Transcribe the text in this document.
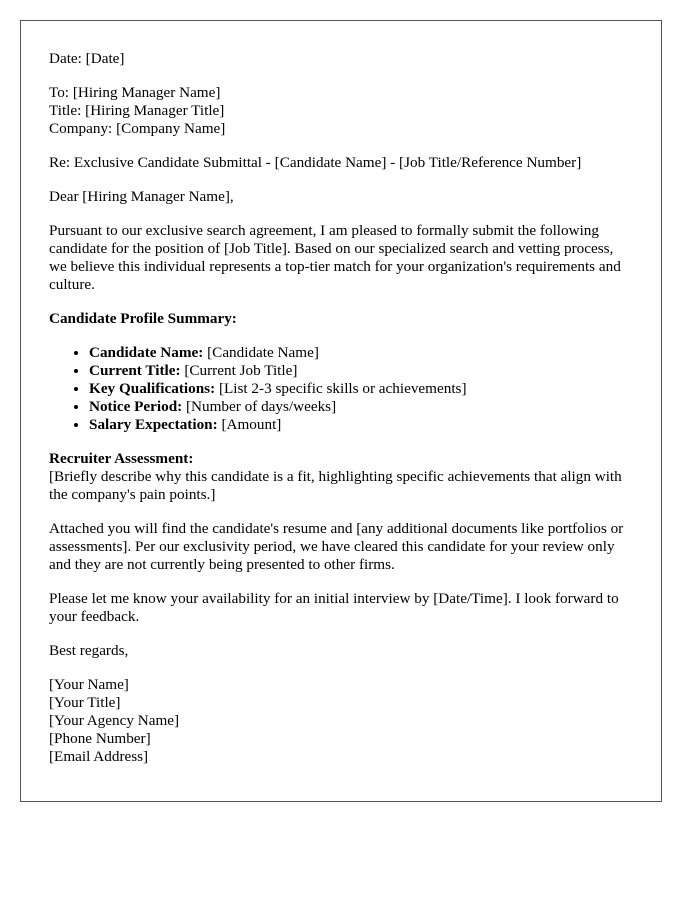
Date: [Date]

To: [Hiring Manager Name]
Title: [Hiring Manager Title]
Company: [Company Name]

Re: Exclusive Candidate Submittal - [Candidate Name] - [Job Title/Reference Number]

Dear [Hiring Manager Name],

Pursuant to our exclusive search agreement, I am pleased to formally submit the following candidate for the position of [Job Title]. Based on our specialized search and vetting process, we believe this individual represents a top-tier match for your organization's requirements and culture.

Candidate Profile Summary:

• Candidate Name: [Candidate Name]
• Current Title: [Current Job Title]
• Key Qualifications: [List 2-3 specific skills or achievements]
• Notice Period: [Number of days/weeks]
• Salary Expectation: [Amount]

Recruiter Assessment:
[Briefly describe why this candidate is a fit, highlighting specific achievements that align with the company's pain points.]

Attached you will find the candidate's resume and [any additional documents like portfolios or assessments]. Per our exclusivity period, we have cleared this candidate for your review only and they are not currently being presented to other firms.

Please let me know your availability for an initial interview by [Date/Time]. I look forward to your feedback.

Best regards,

[Your Name]
[Your Title]
[Your Agency Name]
[Phone Number]
[Email Address]
